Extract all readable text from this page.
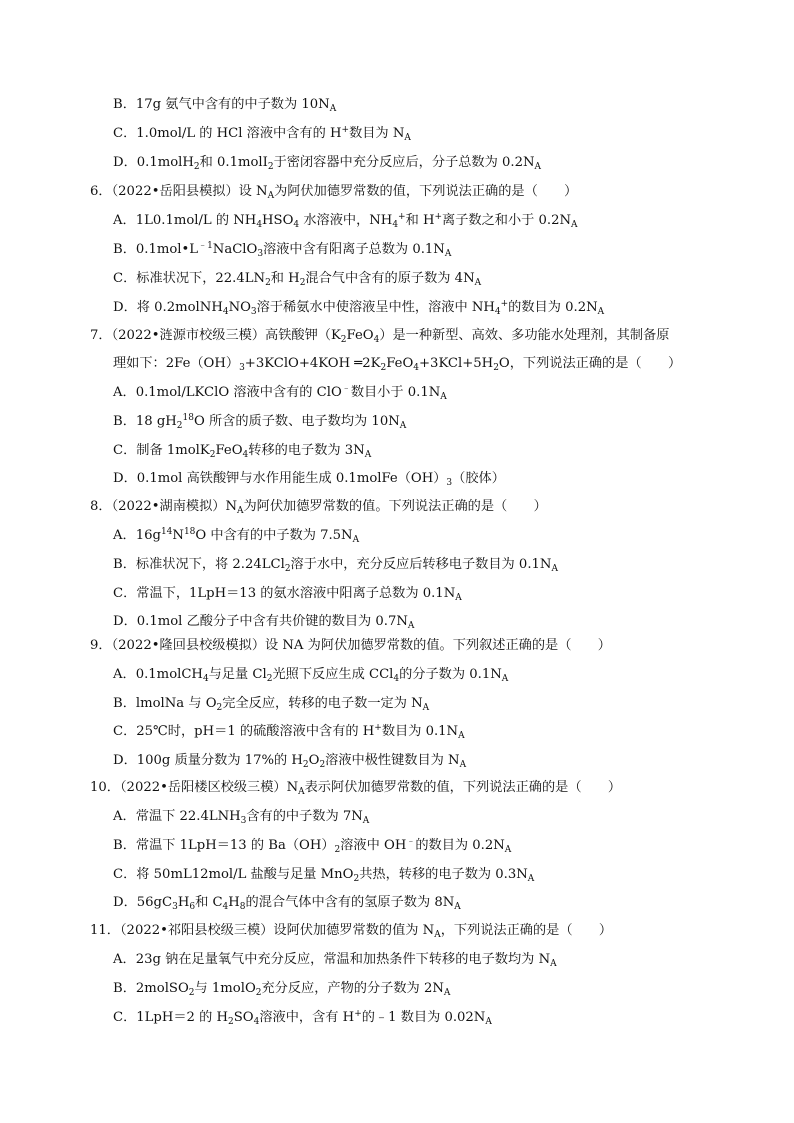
B．17g 氨气中含有的中子数为 $10N_A$
C．1.0mol/L 的 HCl 溶液中含有的 H+数目为 $N_A$
D．0.1molH$_2$和 0.1molI$_2$于密闭容器中充分反应后，分子总数为 $0.2N_A$
6．（2022•岳阳县模拟）设 $N_A$为阿伏加德罗常数的值，下列说法正确的是（　　）
A．1L0.1mol/L 的 $NH_4HSO_4$ 水溶液中，$NH_4^+$和 H+离子数之和小于 $0.2N_A$
B．$0.1mol•L^{﹣1}NaClO_3$溶液中含有阳离子总数为 $0.1N_A$
C．标准状况下，$22.4LN_2$和 $H_2$混合气中含有的原子数为 $4N_A$
D．将 $0.2molNH_4NO_3$溶于稀氨水中使溶液呈中性，溶液中 $NH_4^+$的数目为 $0.2N_A$
7．（2022•涟源市校级三模）高铁酸钾$(K_2FeO_4)$是一种新型、高效、多功能水处理剂，其制备原
理如下：$2Fe(OH)_3+3KClO+4KOH$ $═2K_2FeO_4+3KCl+5H_2O$，下列说法正确的是（　　）
A．0.1mol/LKClO 溶液中含有的 ClO﹣数目小于 $0.1N_A$
B．18 $gH_2^{18}O$ 所含的质子数、电子数均为 $10N_A$
C．制备 1molK$_2$FeO$_4$转移的电子数为 $3N_A$
D．0.1mol 高铁酸钾与水作用能生成 $0.1molFe(OH)_3$（胶体）
8．（2022•湖南模拟）$N_A$为阿伏加德罗常数的值。下列说法正确的是（　　）
A．$16g^{14}N^{18}O$ 中含有的中子数为 $7.5N_A$
B．标准状况下，将 2.24LCl$_2$溶于水中，充分反应后转移电子数目为 $0.1N_A$
C．常温下，1LpH＝13 的氨水溶液中阳离子总数为 $0.1N_A$
D．0.1mol 乙酸分子中含有共价键的数目为 $0.7N_A$
9．（2022•隆回县校级模拟）设 NA 为阿伏加德罗常数的值。下列叙述正确的是（　　）
A．0.1molCH$_4$与足量 $Cl_2$光照下反应生成 CCl$_4$的分子数为 $0.1N_A$
B．lmolNa 与 $O_2$完全反应，转移的电子数一定为 $N_A$
C．25℃时，pH＝1 的硫酸溶液中含有的 H+数目为 $0.1N_A$
D．100g 质量分数为 17%的 $H_2O_2$溶液中极性键数目为 $N_A$
10．（2022•岳阳楼区校级三模）$N_A$表示阿伏加德罗常数的值，下列说法正确的是（　　）
A．常温下 $22.4LNH_3$含有的中子数为 $7N_A$
B．常温下 1LpH＝13 的 $Ba(OH)_2$溶液中 OH﹣的数目为 $0.2N_A$
C．将 50mL12mol/L 盐酸与足量 MnO$_2$共热，转移的电子数为 $0.3N_A$
D．$56gC_3H_6$和 $C_4H_8$的混合气体中含有的氢原子数为 $8N_A$
11．（2022•祁阳县校级三模）设阿伏加德罗常数的值为 $N_A$，下列说法正确的是（　　）
A．23g 钠在足量氧气中充分反应，常温和加热条件下转移的电子数均为 $N_A$
B．2molSO$_2$与 1molO$_2$充分反应，产物的分子数为 $2N_A$
C．1LpH＝2 的 $H_2SO_4$溶液中，含有 H+的﹣1 数目为 $0.02N_A$
